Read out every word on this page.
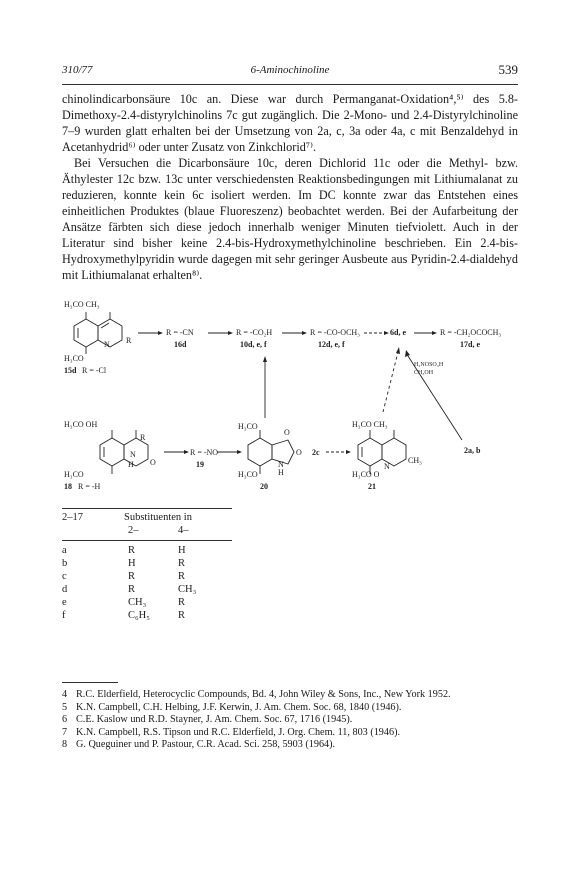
310/77	6-Aminochinoline	539

chinolindicarbonsäure 10c an. Diese war durch Permanganat-Oxidation⁴,⁵⁾ des 5.8-Dimethoxy-2.4-distyrylchinolins 7c gut zugänglich. Die 2-Mono- und 2.4-Distyrylchinoline 7–9 wurden glatt erhalten bei der Umsetzung von 2a, c, 3a oder 4a, c mit Benzaldehyd in Acetanhydrid⁶⁾ oder unter Zusatz von Zinkchlorid⁷⁾.

Bei Versuchen die Dicarbonsäure 10c, deren Dichlorid 11c oder die Methyl- bzw. Äthylester 12c bzw. 13c unter verschiedensten Reaktionsbedingungen mit Lithiumalanat zu reduzieren, konnte kein 6c isoliert werden. Im DC konnte zwar das Entstehen eines einheitlichen Produktes (blaue Fluoreszenz) beobachtet werden. Bei der Aufarbeitung der Ansätze färbten sich diese jedoch innerhalb weniger Minuten tiefviolett. Auch in der Literatur sind bisher keine 2.4-bis-Hydroxymethylchinoline beschrieben. Ein 2.4-bis-Hydroxymethylpyridin wurde dagegen mit sehr geringer Ausbeute aus Pyridin-2.4-dialdehyd mit Lithiumalanat erhalten⁸⁾.

H₃CO CH₃
H₃CO
R
N
15d R = -Cl
R = -CN	R = -CO₂H	R = -CO-OCH₃	6d, e	R = -CH₂OCOCH₃
16d	10d, e, f	12d, e, f	17d, e
H₂NOSO₃H
CH₃OH
H₃CO OH
H₃CO
H
N
R
O
18 R = -H
R = -NO
19
H₃CO
H₃CO
O
O
N
H
20
2c
H₃CO CH₃
H₃CO O
N
CH₃
21
2a, b
2–17	Substituenten in
2–	4–
a	R	H
b	H	R
c	R	R
d	R	CH₃
e	CH₃	R
f	C₆H₅	R
4 R.C. Elderfield, Heterocyclic Compounds, Bd. 4, John Wiley & Sons, Inc., New York 1952.
5 K.N. Campbell, C.H. Helbing, J.F. Kerwin, J. Am. Chem. Soc. 68, 1840 (1946).
6 C.E. Kaslow und R.D. Stayner, J. Am. Chem. Soc. 67, 1716 (1945).
7 K.N. Campbell, R.S. Tipson und R.C. Elderfield, J. Org. Chem. 11, 803 (1946).
8 G. Queguiner und P. Pastour, C.R. Acad. Sci. 258, 5903 (1964).
